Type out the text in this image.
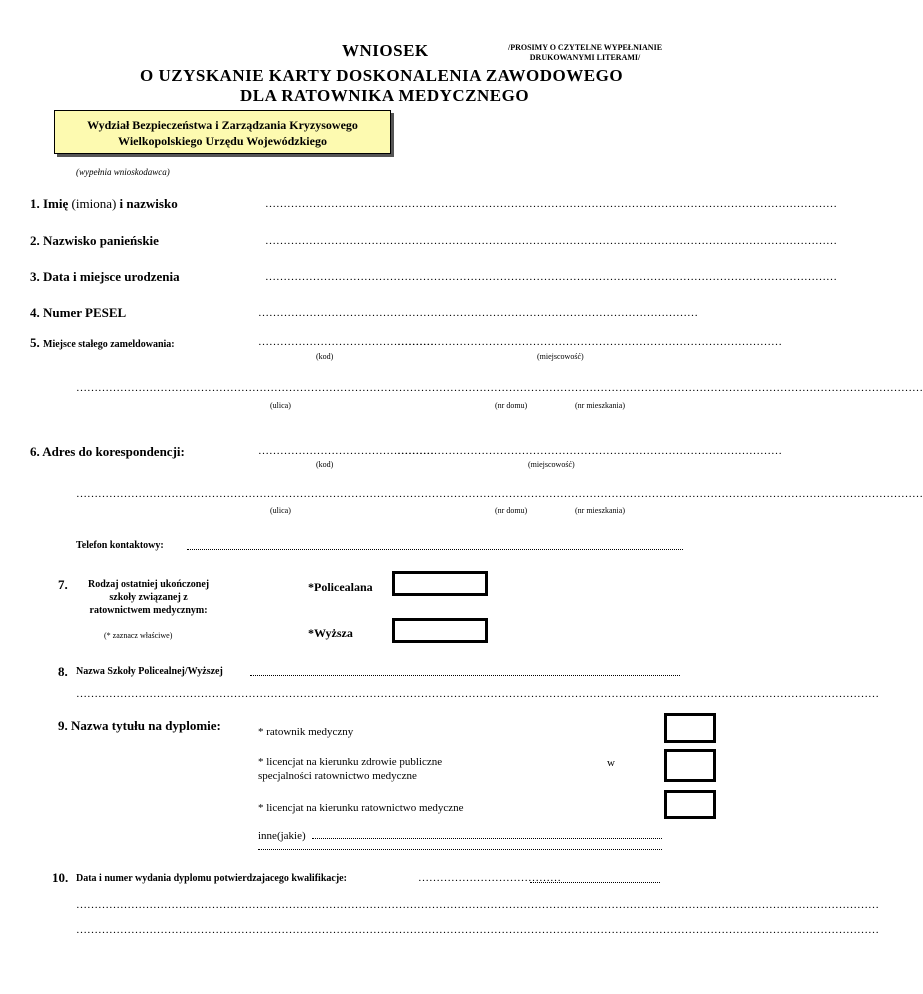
WNIOSEK	/PROSIMY O CZYTELNE WYPEŁNIANIE
DRUKOWANYMI LITERAMI/
O UZYSKANIE KARTY DOSKONALENIA ZAWODOWEGO
DLA RATOWNIKA MEDYCZNEGO
Wydział Bezpieczeństwa i Zarządzania Kryzysowego
Wielkopolskiego Urzędu Wojewódzkiego
(wypełnia wnioskodawca)
1. Imię (imiona) i nazwisko	…………………………………………………………………………………………………………………………………………
2. Nazwisko panieńskie	…………………………………………………………………………………………………………………………………………
3. Data i miejsce urodzenia	…………………………………………………………………………………………………………………………………………
4. Numer PESEL	…………………………………………………………………………………………………………
5. Miejsce stałego zameldowania:	…………………………………………
……………………………………………………………………………………………
(kod)	(miejscowość)
……………………………………………………………………………………………………………………………………………………………………………………………………………
(ulica)	(nr domu)	(nr mieszkania)
6. Adres do korespondencji:	…………………………………………
……………………………………………………………………………………………
(kod)	(miejscowość)
……………………………………………………………………………………………………………………………………………………………………………………………………………
(ulica)	(nr domu)	(nr mieszkania)
Telefon kontaktowy:
7. Rodzaj ostatniej ukończonej
szkoły związanej z
ratownictwem medycznym:
(* zaznacz właściwe)
*Policealana
*Wyższa
8. Nazwa Szkoły Policealnej/Wyższej
…………………………………………………………………………………………………………………………………………………………………………………………………
9. Nazwa tytułu na dyplomie:	* ratownik medyczny
* licencjat na kierunku zdrowie publiczne
specjalności ratownictwo medyczne
w
* licencjat na kierunku ratownictwo medyczne
inne(jakie)
10. Data i numer wydania dyplomu potwierdzajacego kwalifikacje:	…………………………………
…………………………………………………………………………………………………………………………………………………………………………………………………
…………………………………………………………………………………………………………………………………………………………………………………………………
